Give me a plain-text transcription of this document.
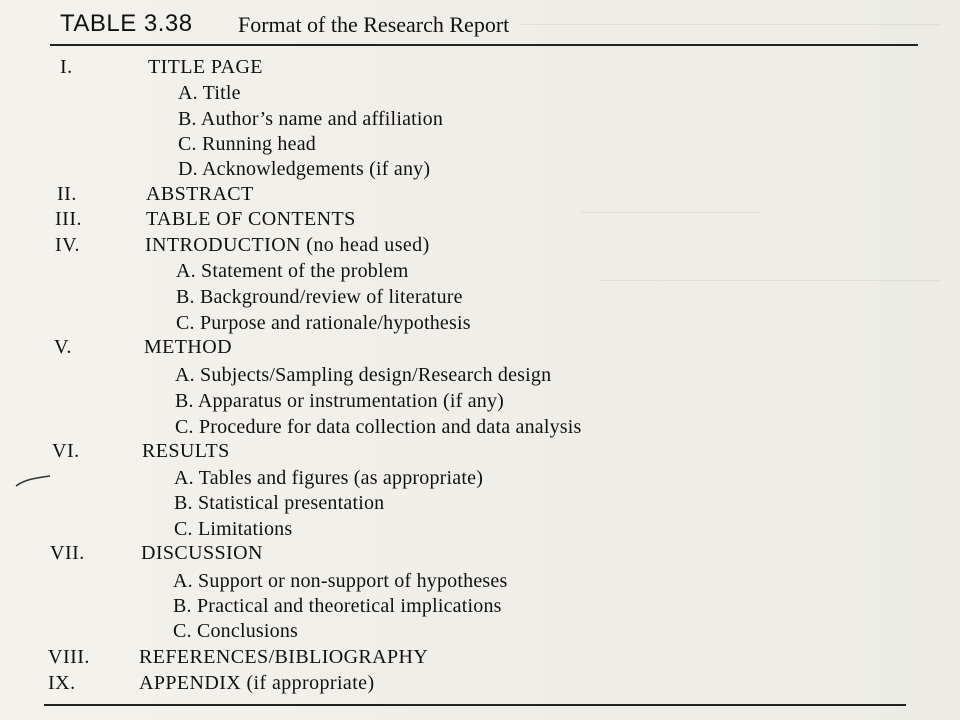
TABLE 3.38 Format of the Research Report
I.	TITLE PAGE
A. Title
B. Author’s name and affiliation
C. Running head
D. Acknowledgements (if any)
II.	ABSTRACT
III.	TABLE OF CONTENTS
IV.	INTRODUCTION (no head used)
A. Statement of the problem
B. Background/review of literature
C. Purpose and rationale/hypothesis
V.	METHOD
A. Subjects/Sampling design/Research design
B. Apparatus or instrumentation (if any)
C. Procedure for data collection and data analysis
VI.	RESULTS
A. Tables and figures (as appropriate)
B. Statistical presentation
C. Limitations
VII.	DISCUSSION
A. Support or non-support of hypotheses
B. Practical and theoretical implications
C. Conclusions
VIII. REFERENCES/BIBLIOGRAPHY
IX.	APPENDIX (if appropriate)
